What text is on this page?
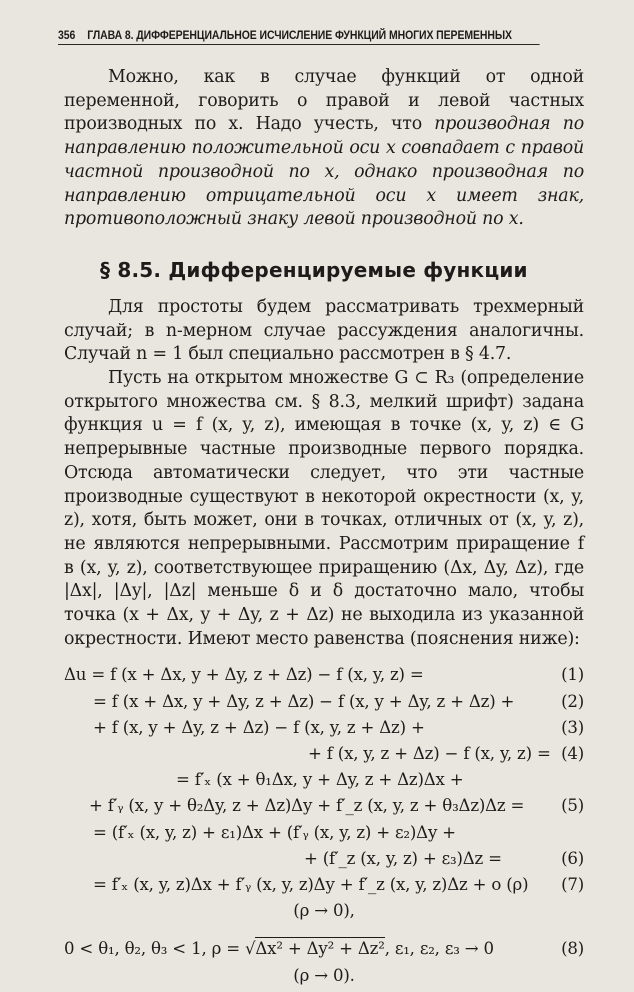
356 ГЛАВА 8. ДИФФЕРЕНЦИАЛЬНОЕ ИСЧИСЛЕНИЕ ФУНКЦИЙ МНОГИХ ПЕРЕМЕННЫХ

Можно, как в случае функций от одной переменной, говорить о правой и левой частных производных по x. Надо учесть, что производная по направлению положительной оси x совпадает с правой частной производной по x, однако производная по направлению отрицательной оси x имеет знак, противоположный знаку левой производной по x.

§ 8.5. Дифференцируемые функции

Для простоты будем рассматривать трехмерный случай; в n-мерном случае рассуждения аналогичны. Случай n = 1 был специально рассмотрен в § 4.7.

Пусть на открытом множестве G ⊂ R₃ (определение открытого множества см. § 8.3, мелкий шрифт) задана функция u = f (x, y, z), имеющая в точке (x, y, z) ∈ G непрерывные частные производные первого порядка. Отсюда автоматически следует, что эти частные производные существуют в некоторой окрестности (x, y, z), хотя, быть может, они в точках, отличных от (x, y, z), не являются непрерывными. Рассмотрим приращение f в (x, y, z), соответствующее приращению (Δx, Δy, Δz), где |Δx|, |Δy|, |Δz| меньше δ и δ достаточно мало, чтобы точка (x + Δx, y + Δy, z + Δz) не выходила из указанной окрестности. Имеют место равенства (пояснения ниже):

Δu = f (x + Δx, y + Δy, z + Δz) − f (x, y, z) =	(1)
= f (x + Δx, y + Δy, z + Δz) − f (x, y + Δy, z + Δz) +	(2)
+ f (x, y + Δy, z + Δz) − f (x, y, z + Δz) +	(3)
+ f (x, y, z + Δz) − f (x, y, z) = (4)
= f′ₓ (x + θ₁Δx, y + Δy, z + Δz)Δx +
+ f′ᵧ (x, y + θ₂Δy, z + Δz)Δy + f′_z (x, y, z + θ₃Δz)Δz = (5)
= (f′ₓ (x, y, z) + ε₁)Δx + (f′ᵧ (x, y, z) + ε₂)Δy +
+ (f′_z (x, y, z) + ε₃)Δz =	(6)
= f′ₓ (x, y, z)Δx + f′ᵧ (x, y, z)Δy + f′_z (x, y, z)Δz + o (ρ) (7)
(ρ → 0),
0 < θ₁, θ₂, θ₃ < 1, ρ = √Δx² + Δy² + Δz², ε₁, ε₂, ε₃ → 0	(8)
(ρ → 0).
